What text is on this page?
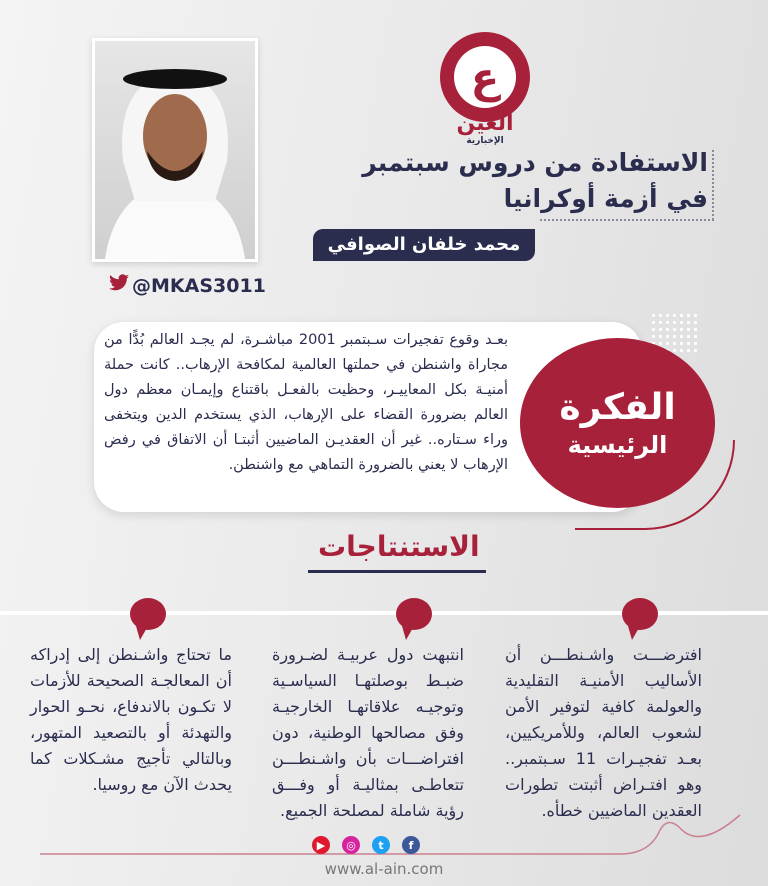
ع
العين
الإخبارية
الاستفادة من دروس سبتمبر
في أزمة أوكرانيا
محمد خلفان الصوافي
@MKAS3011
بعـد وقوع تفجيرات سـبتمبر 2001 مباشـرة، لم يجـد العالم بُدًّا من مجاراة واشنطن في حملتها العالمية لمكافحة الإرهاب.. كانت حملة أمنيـة بكل المعاييـر، وحظيت بالفعـل باقتناع وإيمـان معظم دول العالم بضرورة القضاء على الإرهاب، الذي يستخدم الدين ويتخفى وراء سـتاره.. غير أن العقديـن الماضيين أثبتـا أن الاتفاق في رفض الإرهاب لا يعني بالضرورة التماهي مع واشنطن.
الفكرة
الرئيسية
الاستنتاجات
افترضـــت واشـنطـــن أن الأساليب الأمنيـة التقليدية والعولمة كافية لتوفير الأمن لشعوب العالم، وللأمريكيين، بعـد تفجيـرات 11 سـبتمبر.. وهو افتـراض أثبتت تطورات العقدين الماضيين خطأه.
انتبهت دول عربيـة لضـرورة ضبـط بوصلتهـا السياسـية وتوجيـه علاقاتهـا الخارجيـة وفق مصالحها الوطنية، دون افتراضـــات بأن واشـنطـــن تتعاطـى بمثاليـة أو وفـــق رؤية شاملة لمصلحة الجميع.
ما تحتاج واشـنطن إلى إدراكه أن المعالجـة الصحيحة للأزمات لا تكـون بالاندفاع، نحـو الحوار والتهدئة أو بالتصعيد المتهور، وبالتالي تأجيج مشـكلات كما يحدث الآن مع روسيا.
▶	◎	t	f
www.al-ain.com
